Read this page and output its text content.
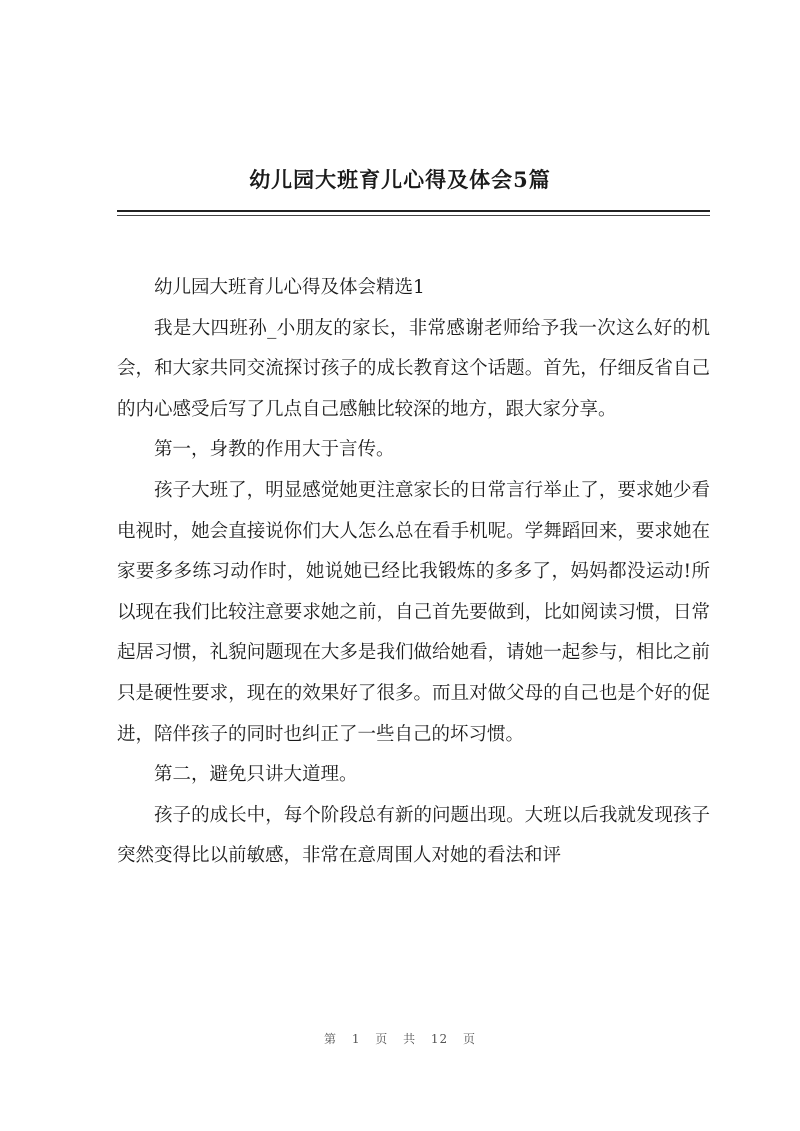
幼儿园大班育儿心得及体会5篇

幼儿园大班育儿心得及体会精选1

我是大四班孙_小朋友的家长，非常感谢老师给予我一次这么好的机会，和大家共同交流探讨孩子的成长教育这个话题。首先，仔细反省自己的内心感受后写了几点自己感触比较深的地方，跟大家分享。

第一，身教的作用大于言传。

孩子大班了，明显感觉她更注意家长的日常言行举止了，要求她少看电视时，她会直接说你们大人怎么总在看手机呢。学舞蹈回来，要求她在家要多多练习动作时，她说她已经比我锻炼的多多了，妈妈都没运动!所以现在我们比较注意要求她之前，自己首先要做到，比如阅读习惯，日常起居习惯，礼貌问题现在大多是我们做给她看，请她一起参与，相比之前只是硬性要求，现在的效果好了很多。而且对做父母的自己也是个好的促进，陪伴孩子的同时也纠正了一些自己的坏习惯。

第二，避免只讲大道理。

孩子的成长中，每个阶段总有新的问题出现。大班以后我就发现孩子突然变得比以前敏感，非常在意周围人对她的看法和评

第 1 页 共 12 页
